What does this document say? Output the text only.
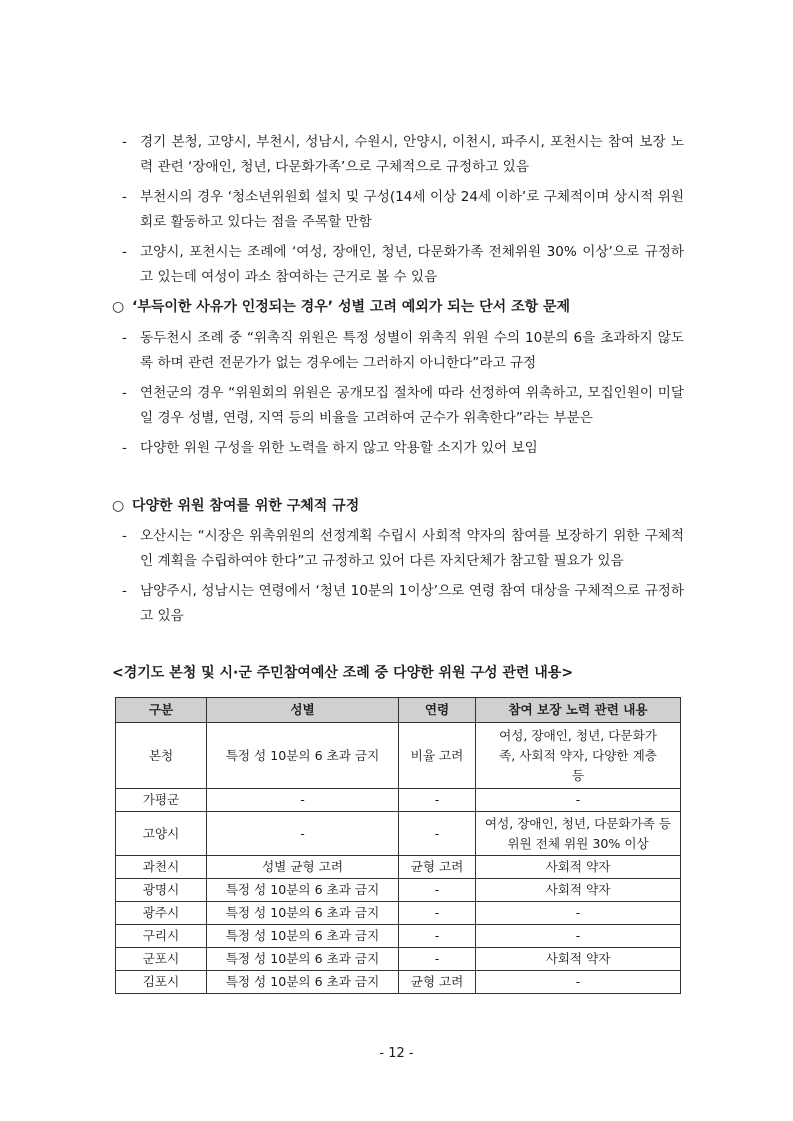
- 경기 본청, 고양시, 부천시, 성남시, 수원시, 안양시, 이천시, 파주시, 포천시는 참여 보장 노력 관련 ‘장애인, 청년, 다문화가족’으로 구체적으로 규정하고 있음
- 부천시의 경우 ‘청소년위원회 설치 및 구성(14세 이상 24세 이하’로 구체적이며 상시적 위원회로 활동하고 있다는 점을 주목할 만함
- 고양시, 포천시는 조례에 ‘여성, 장애인, 청년, 다문화가족 전체위원 30% 이상’으로 규정하고 있는데 여성이 과소 참여하는 근거로 볼 수 있음
○ ‘부득이한 사유가 인정되는 경우’ 성별 고려 예외가 되는 단서 조항 문제
- 동두천시 조례 중 “위촉직 위원은 특정 성별이 위촉직 위원 수의 10분의 6을 초과하지 않도록 하며 관련 전문가가 없는 경우에는 그러하지 아니한다”라고 규정
- 연천군의 경우 “위원회의 위원은 공개모집 절차에 따라 선정하여 위촉하고, 모집인원이 미달일 경우 성별, 연령, 지역 등의 비율을 고려하여 군수가 위촉한다”라는 부분은
- 다양한 위원 구성을 위한 노력을 하지 않고 악용할 소지가 있어 보임
○ 다양한 위원 참여를 위한 구체적 규정
- 오산시는 “시장은 위촉위원의 선정계획 수립시 사회적 약자의 참여를 보장하기 위한 구체적인 계획을 수립하여야 한다”고 규정하고 있어 다른 자치단체가 참고할 필요가 있음
- 남양주시, 성남시는 연령에서 ‘청년 10분의 1이상’으로 연령 참여 대상을 구체적으로 규정하고 있음
<경기도 본청 및 시·군 주민참여예산 조례 중 다양한 위원 구성 관련 내용>
구분	성별	연령	참여 보장 노력 관련 내용
본청	특정 성 10분의 6 초과 금지	비율 고려	여성, 장애인, 청년, 다문화가족, 사회적 약자, 다양한 계층 등
가평군	-	-	-
고양시	-	-	여성, 장애인, 청년, 다문화가족 등 위원 전체 위원 30% 이상
과천시	성별 균형 고려	균형 고려	사회적 약자
광명시	특정 성 10분의 6 초과 금지	-	사회적 약자
광주시	특정 성 10분의 6 초과 금지	-	-
구리시	특정 성 10분의 6 초과 금지	-	-
군포시	특정 성 10분의 6 초과 금지	-	사회적 약자
김포시	특정 성 10분의 6 초과 금지	균형 고려	-
- 12 -
